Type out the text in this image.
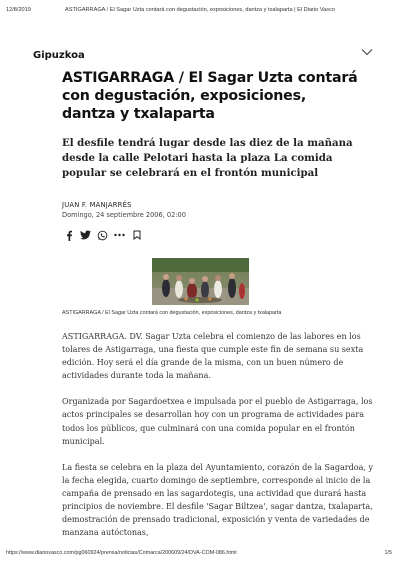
12/8/2019	ASTIGARRAGA / El Sagar Uzta contará con degustación, exposiciones, dantza y txalaparta | El Diario Vasco
Gipuzkoa
ASTIGARRAGA / El Sagar Uzta contará con degustación, exposiciones, dantza y txalaparta
El desfile tendrá lugar desde las diez de la mañana desde la calle Pelotari hasta la plaza La comida popular se celebrará en el frontón municipal
JUAN F. MANJARRÉS
Domingo, 24 septiembre 2006, 02:00
ASTIGARRAGA / El Sagar Uzta contará con degustación, exposiciones, dantza y txalaparta

ASTIGARRAGA. DV. Sagar Uzta celebra el comienzo de las labores en los tolares de Astigarraga, una fiesta que cumple este fin de semana su sexta edición. Hoy será el día grande de la misma, con un buen número de actividades durante toda la mañana.

Organizada por Sagardoetxea e impulsada por el pueblo de Astigarraga, los actos principales se desarrollan hoy con un programa de actividades para todos los públicos, que culminará con una comida popular en el frontón municipal.

La fiesta se celebra en la plaza del Ayuntamiento, corazón de la Sagardoa, y la fecha elegida, cuarto domingo de septiembre, corresponde al inicio de la campaña de prensado en las sagardotegis, una actividad que durará hasta principios de noviembre. El desfile 'Sagar Biltzea', sagar dantza, txalaparta, demostración de prensado tradicional, exposición y venta de variedades de manzana autóctonas,

https://www.diariovasco.com/pg060924/prensa/noticias/Comarca/200609/24/DVA-COM-086.html	1/5
